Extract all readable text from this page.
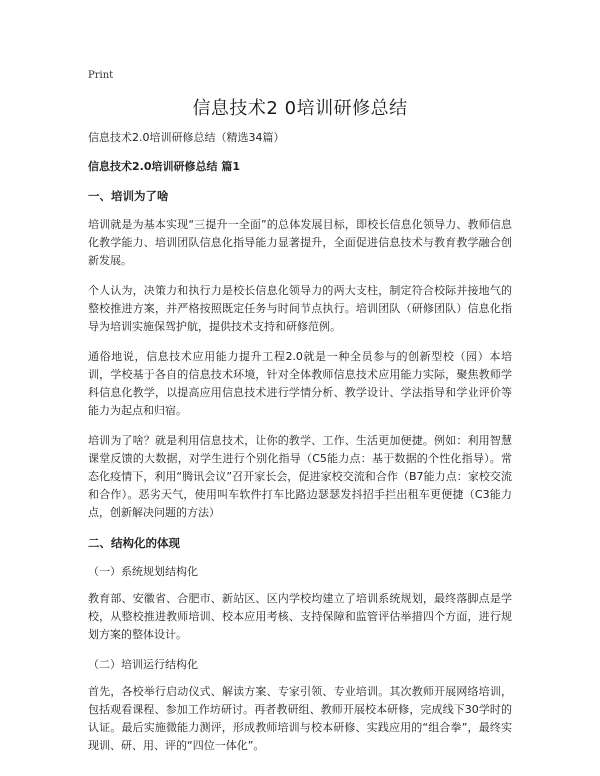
Print
信息技术2 0培训研修总结
信息技术2.0培训研修总结（精选34篇）
信息技术2.0培训研修总结 篇1
一、培训为了啥

培训就是为基本实现“三提升一全面”的总体发展目标，即校长信息化领导力、教师信息化教学能力、培训团队信息化指导能力显著提升，全面促进信息技术与教育教学融合创新发展。

个人认为，决策力和执行力是校长信息化领导力的两大支柱，制定符合校际并接地气的整校推进方案，并严格按照既定任务与时间节点执行。培训团队（研修团队）信息化指导为培训实施保驾护航，提供技术支持和研修范例。

通俗地说，信息技术应用能力提升工程2.0就是一种全员参与的创新型校（园）本培训，学校基于各自的信息技术环境，针对全体教师信息技术应用能力实际，聚焦教师学科信息化教学，以提高应用信息技术进行学情分析、教学设计、学法指导和学业评价等能力为起点和归宿。

培训为了啥？就是利用信息技术，让你的教学、工作、生活更加便捷。例如：利用智慧课堂反馈的大数据，对学生进行个别化指导（C5能力点：基于数据的个性化指导）。常态化疫情下，利用“腾讯会议”召开家长会，促进家校交流和合作（B7能力点：家校交流和合作）。恶劣天气，使用叫车软件打车比路边瑟瑟发抖招手拦出租车更便捷（C3能力点，创新解决问题的方法）

二、结构化的体现
（一）系统规划结构化

教育部、安徽省、合肥市、新站区、区内学校均建立了培训系统规划，最终落脚点是学校，从整校推进教师培训、校本应用考核、支持保障和监管评估举措四个方面，进行规划方案的整体设计。

（二）培训运行结构化

首先，各校举行启动仪式、解读方案、专家引领、专业培训。其次教师开展网络培训，包括观看课程、参加工作坊研讨。再者教研组、教师开展校本研修，完成线下30学时的认证。最后实施微能力测评，形成教师培训与校本研修、实践应用的“组合拳”，最终实现训、研、用、评的“四位一体化”。
